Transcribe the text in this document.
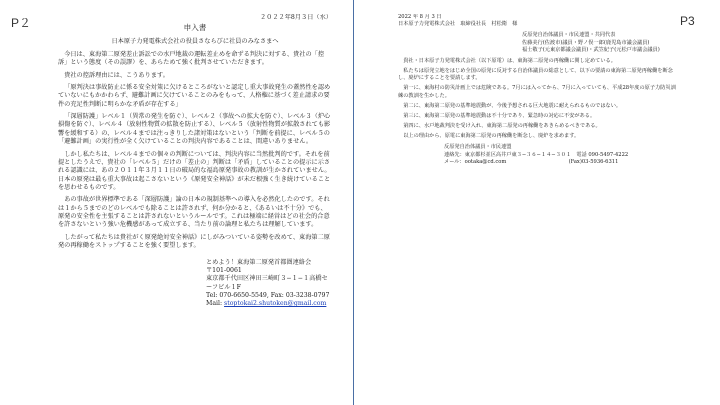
P２	P3
２０２２年8月３日（水）
申入書
日本原子力発電株式会社の役員さならびに社員のみなさまへ

今日は、東海第二原発差止訴訟での水戸地裁の運転差止めを命ずる判決に対する、貴社の「控訴」という態度（その誤謬）を、あらためて強く批判させていただきます。

貴社の控訴理由には、こうあります。

「原判決は事故防止に係る安全対策に欠けるところがないと認定し重大事故発生の蓋然性を認めていないにもかかわらず、避難計画に欠けていることのみをもって、人格権に基づく差止請求の要件の充足性判断に明らかな矛盾が存在する」

「深層防護」レベル１（異常の発生を防ぐ）、レベル２（事故への拡大を防ぐ）、レベル３（炉心損傷を防ぐ）、レベル４（放射性物質の拡散を防止する）、レベル５（放射性物質が拡散されても影響を緩和する）の、レベル４までは注っきりした諸対策はないという「判断を前提に、レベル５の「避難計画」の実行性が全く欠けていることの判決内容であることは、間違いありません。

しかし私たちは、レベル４までの個々の判断については、判決内容に当然批判的です。それを前提としたうえで、貴社の「レベル５」だけの「差止の」判断は「矛盾」していることの提示に示される認識には、あの２０１１年３月１１日の破局的な福島原発事故の教訓が生かされていません。日本の原発は最も重大事故は起こさないという《原発安全神話》が未だ根強く生き続けていることを思わせるものです。

あの事故が世界標準である「深層防護」論の日本の規制基準への導入を必然化したのです。それは１から５までのどのレベルでも除ることは許されず、何か分かると、《あるいは不十分》でも、原発の安全性を主張することは許されないというルールです。これは極端に経営はどの社会的合意を許さないという強い危機感があって成立する、当たり前の論理と私たちは理解しています。

したがって私たちは貴社がく原発絶対安全神話》にしがみついている姿勢を改めて、東海第二原発の再稼働をストップすることを強く要望します。

とめよう！東海第二原発首都圏連絡会
〒101-0061
東京都千代田区神田三崎町３−１−１高橋セーフビル１F
Tel: 070-6650-5549, Fax: 03-3238-0797
Mail: stoptokai2.shutoken@gmail.com

2022 年 8 月 3 日

日本原子力発電株式会社　取締役社長　村松衛　様

反原発自治体議員・市民連盟・共同代表

佐藤美行(佐渡市)議員・野ノ俣一郎(鹿児島市議会議員)

福士敬子(元東京都議会議員)・武笠紀子(元松戸市議会議員)

貴社・日本原子力発電株式会社（以下原電）は、東海第二原発の再稼働に関し定めている。

私たちは原発立地をはじめ全国の原発に反対する自治体議員の総意として、以下の要請の東海第二原発再稼働を断念し、廃炉にすることを要請します。

第一に、東海村の防災計画上では危険である。7月には入ってから、7月に入っていても、平成28年度の原子力防災訓練の教訓を生かした。

第二に、東海第二原発の基準地震動が、今後予想される巨大地震に耐えられるものではない。

第三に、東海第二原発の基準地震動は不十分であり、緊急時の対応に不安がある。

第四に、水戸地裁判決を受け入れ、東海第二原発の再稼働をあきらめるべきである。

以上の理由から、原電に東海第二原発の再稼働を断念し、廃炉を求めます。

反原発自治体議員・市民連盟

連絡先：東京都杉並区高井戸東３−３６−１４−３０１　電話 090-5497-4222

メール：ootaka@cd.com　　　　　　　　　　　　(Fax)03-5936-6311
